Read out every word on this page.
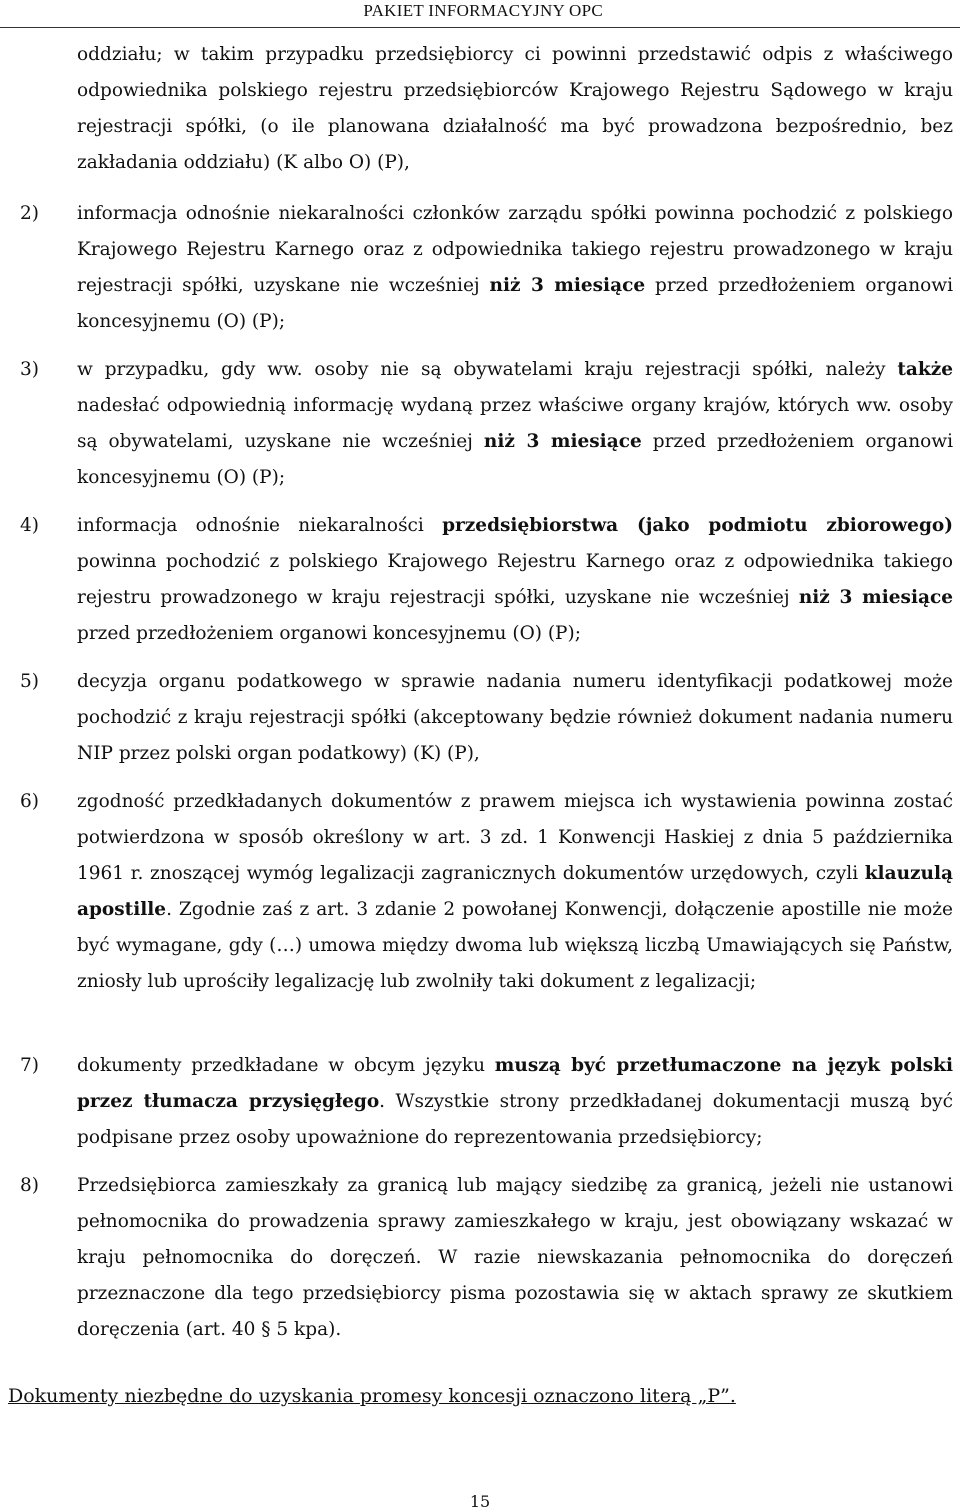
PAKIET INFORMACYJNY OPC
oddziału; w takim przypadku przedsiębiorcy ci powinni przedstawić odpis z właściwego odpowiednika polskiego rejestru przedsiębiorców Krajowego Rejestru Sądowego w kraju rejestracji spółki, (o ile planowana działalność ma być prowadzona bezpośrednio, bez zakładania oddziału) (K albo O) (P),
2) informacja odnośnie niekaralności członków zarządu spółki powinna pochodzić z polskiego Krajowego Rejestru Karnego oraz z odpowiednika takiego rejestru prowadzonego w kraju rejestracji spółki, uzyskane nie wcześniej niż 3 miesiące przed przedłożeniem organowi koncesyjnemu (O) (P);
3) w przypadku, gdy ww. osoby nie są obywatelami kraju rejestracji spółki, należy także nadesłać odpowiednią informację wydaną przez właściwe organy krajów, których ww. osoby są obywatelami, uzyskane nie wcześniej niż 3 miesiące przed przedłożeniem organowi koncesyjnemu (O) (P);
4) informacja odnośnie niekaralności przedsiębiorstwa (jako podmiotu zbiorowego) powinna pochodzić z polskiego Krajowego Rejestru Karnego oraz z odpowiednika takiego rejestru prowadzonego w kraju rejestracji spółki, uzyskane nie wcześniej niż 3 miesiące przed przedłożeniem organowi koncesyjnemu (O) (P);
5) decyzja organu podatkowego w sprawie nadania numeru identyfikacji podatkowej może pochodzić z kraju rejestracji spółki (akceptowany będzie również dokument nadania numeru NIP przez polski organ podatkowy) (K) (P),
6) zgodność przedkładanych dokumentów z prawem miejsca ich wystawienia powinna zostać potwierdzona w sposób określony w art. 3 zd. 1 Konwencji Haskiej z dnia 5 października 1961 r. znoszącej wymóg legalizacji zagranicznych dokumentów urzędowych, czyli klauzulą apostille. Zgodnie zaś z art. 3 zdanie 2 powołanej Konwencji, dołączenie apostille nie może być wymagane, gdy (…) umowa między dwoma lub większą liczbą Umawiających się Państw, zniosły lub uprościły legalizację lub zwolniły taki dokument z legalizacji;
7) dokumenty przedkładane w obcym języku muszą być przetłumaczone na język polski przez tłumacza przysięgłego. Wszystkie strony przedkładanej dokumentacji muszą być podpisane przez osoby upoważnione do reprezentowania przedsiębiorcy;
8) Przedsiębiorca zamieszkały za granicą lub mający siedzibę za granicą, jeżeli nie ustanowi pełnomocnika do prowadzenia sprawy zamieszkałego w kraju, jest obowiązany wskazać w kraju pełnomocnika do doręczeń. W razie niewskazania pełnomocnika do doręczeń przeznaczone dla tego przedsiębiorcy pisma pozostawia się w aktach sprawy ze skutkiem doręczenia (art. 40 § 5 kpa).
Dokumenty niezbędne do uzyskania promesy koncesji oznaczono literą „P”.
15
